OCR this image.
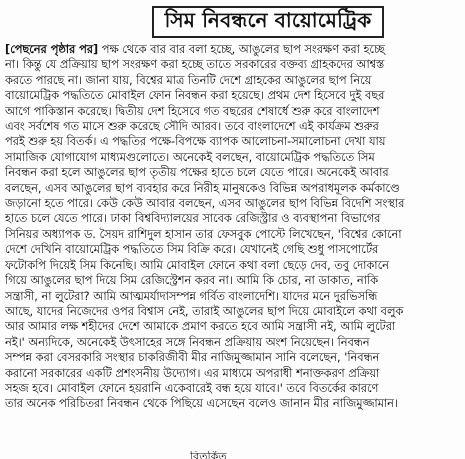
সিম নিবন্ধনে বায়োমেট্রিক
[পেছনের পৃষ্ঠার পর] পক্ষ থেকে বার বার বলা হচ্ছে, আঙুলের ছাপ সংরক্ষণ করা হচ্ছে
না। কিন্তু যে প্রক্রিয়ায় ছাপ সংরক্ষণ করা হচ্ছে তাতে সরকারের বক্তব্য গ্রাহকদের আশ্বস্ত
করতে পারছে না। জানা যায়, বিশ্বের মাত্র তিনটি দেশে গ্রাহকের আঙুলের ছাপ নিয়ে
বায়োমেট্রিক পদ্ধতিতে মোবাইল ফোন নিবন্ধন করা হয়েছে। প্রথম দেশ হিসেবে দুই বছর
আগে পাকিস্তান করেছে। দ্বিতীয় দেশ হিসেবে গত বছরের শেষার্ধে শুরু করে বাংলাদেশ
এবং সর্বশেষ গত মাসে শুরু করেছে সৌদি আরব। তবে বাংলাদেশে এই কার্যক্রম শুরুর
পরই শুরু হয় বিতর্ক। এ পদ্ধতির পক্ষে-বিপক্ষে ব্যাপক আলোচনা-সমালোচনা দেখা যায়
সামাজিক যোগাযোগ মাধ্যমগুলোতে। অনেকেই বলছেন, বায়োমেট্রিক পদ্ধতিতে সিম
নিবন্ধন করা হলে আঙুলের ছাপ তৃতীয় পক্ষের হাতে চলে যেতে পারে। অনেকেই আবার
বলছেন, এসব আঙুলের ছাপ ব্যবহার করে নিরীহ মানুষকেও বিভিন্ন অপরাধমূলক কর্মকাণ্ডে
জড়ানো হতে পারে। কেউ কেউ আবার বলছেন, এসব আঙুলের ছাপ বিভিন্ন বিদেশি সংস্থার
হাতে চলে যেতে পারে। ঢাকা বিশ্ববিদ্যালয়ের সাবেক রেজিস্ট্রার ও ব্যবস্থাপনা বিভাগের
সিনিয়র অধ্যাপক ড. সৈয়দ রাশিদুল হাসান তার ফেসবুক পোস্টে লিখেছেন, 'বিশ্বের কোনো
দেশে দেখিনি বায়োমেট্রিক পদ্ধতিতে সিম বিক্রি করে। যেখানেই গেছি শুধু পাসপোর্টের
ফটোকপি দিয়েই সিম কিনেছি। আমি মোবাইল ফোনে কথা বলা ছেড়ে দেব, তবু দোকানে
গিয়ে আঙুলের ছাপ দিয়ে সিম রেজিস্ট্রেশন করব না। আমি কি চোর, না ডাকাত, নাকি
সন্ত্রাসী, না লুটেরা? আমি আত্মমর্যাদাসম্পন্ন গর্বিত বাংলাদেশি। যাদের মনে দুরভিসন্ধি
আছে, যাদের নিজেদের ওপর বিশ্বাস নেই, তারাই আঙুলের ছাপ দিয়ে মোবাইলে কথা বলুক
আর আমার লক্ষ শহীদের দেশে আমাকে প্রমাণ করতে হবে আমি সন্ত্রাসী নই, আমি লুটেরা
নই।' অন্যদিকে, অনেকেই উৎসাহের সঙ্গে নিবন্ধন প্রক্রিয়ায় অংশ নিয়েছেন। নিবন্ধন
সম্পন্ন করা বেসরকারি সংস্থার চাকরিজীবী মীর নাজিমুজ্জামান সানি বলেছেন, 'নিবন্ধন
করানো সরকারের একটি প্রশংসনীয় উদ্যোগ। এর মাধ্যমে অপরাধী শনাক্তকরণ প্রক্রিয়া
সহজ হবে। মোবাইল ফোনে হয়রানি একেবারেই বন্ধ হয়ে যাবে।' তবে বিতর্কের কারণে
তার অনেক পরিচিতরা নিবন্ধন থেকে পিছিয়ে এসেছেন বলেও জানান মীর নাজিমুজ্জামান।
বিতর্কিত
